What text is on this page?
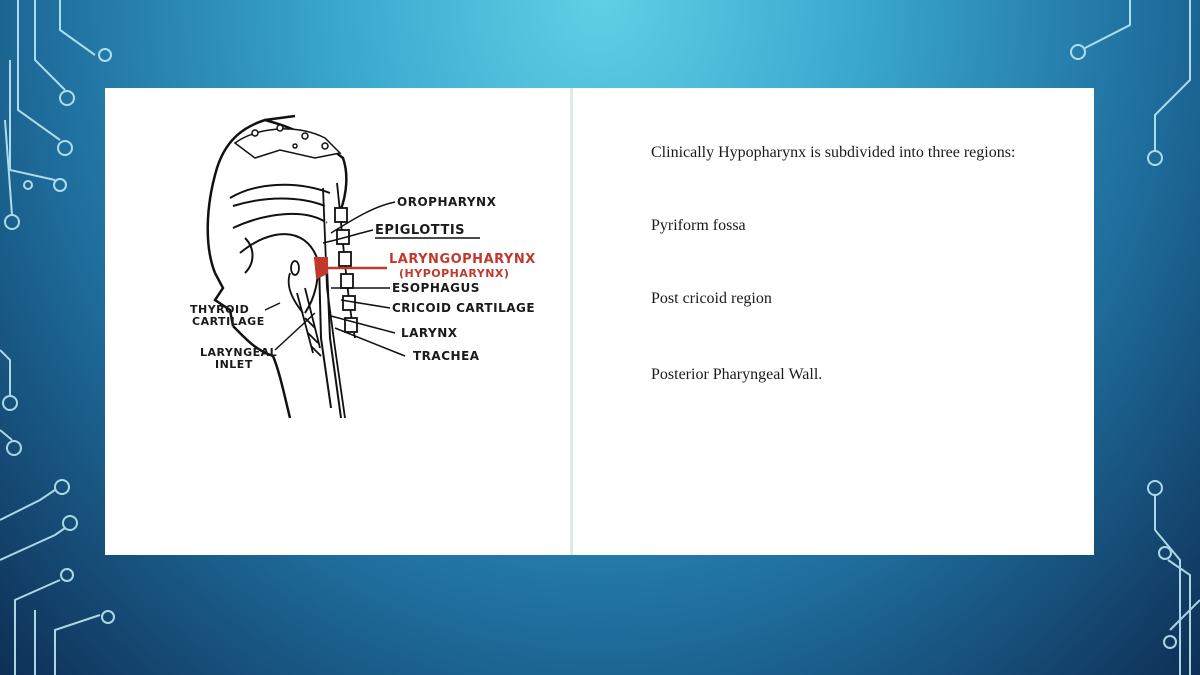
OROPHARYNX
EPIGLOTTIS
LARYNGOPHARYNX
(HYPOPHARYNX)
ESOPHAGUS
CRICOID CARTILAGE
LARYNX
TRACHEA
THYROID
CARTILAGE
LARYNGEAL
INLET
Clinically Hypopharynx is subdivided into three regions:
Pyriform fossa
Post cricoid region
Posterior Pharyngeal Wall.
